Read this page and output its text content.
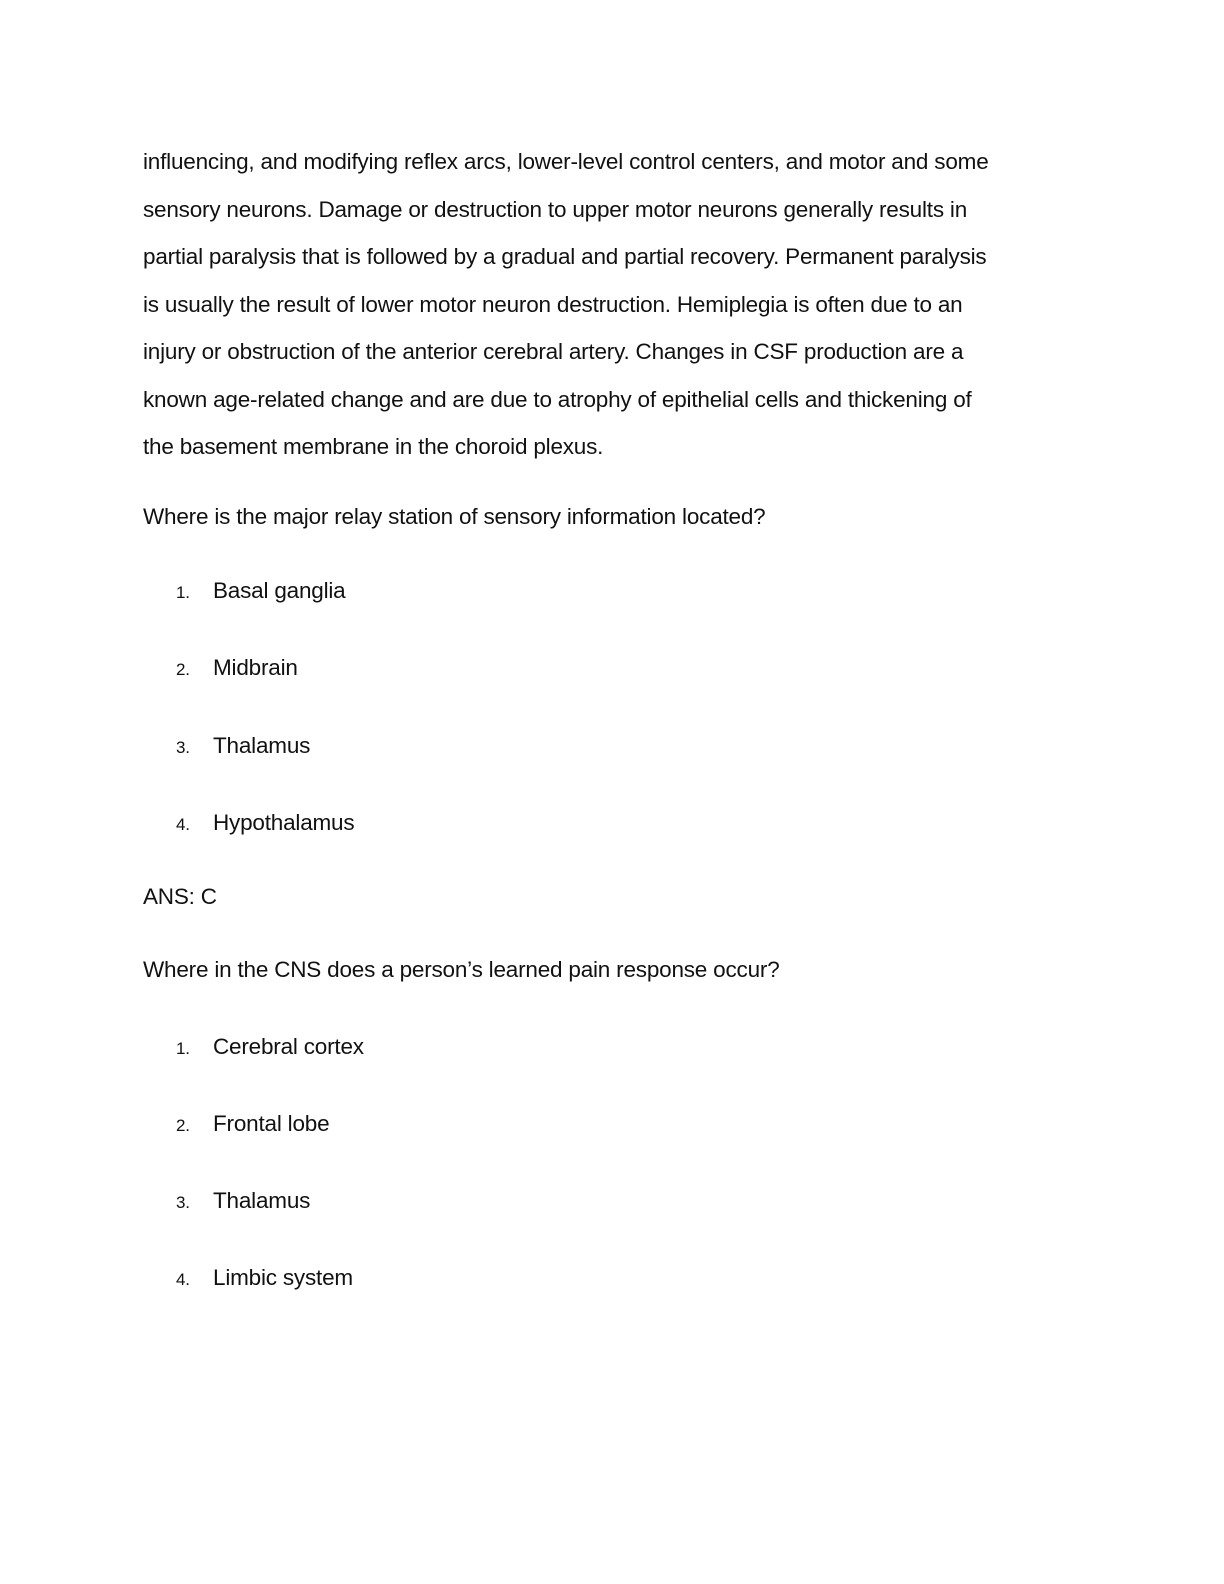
influencing, and modifying reflex arcs, lower-level control centers, and motor and some
sensory neurons. Damage or destruction to upper motor neurons generally results in
partial paralysis that is followed by a gradual and partial recovery. Permanent paralysis
is usually the result of lower motor neuron destruction. Hemiplegia is often due to an
injury or obstruction of the anterior cerebral artery. Changes in CSF production are a
known age-related change and are due to atrophy of epithelial cells and thickening of
the basement membrane in the choroid plexus.

Where is the major relay station of sensory information located?

1. Basal ganglia
2. Midbrain
3. Thalamus
4. Hypothalamus

ANS: C

Where in the CNS does a person’s learned pain response occur?

1. Cerebral cortex
2. Frontal lobe
3. Thalamus
4. Limbic system
